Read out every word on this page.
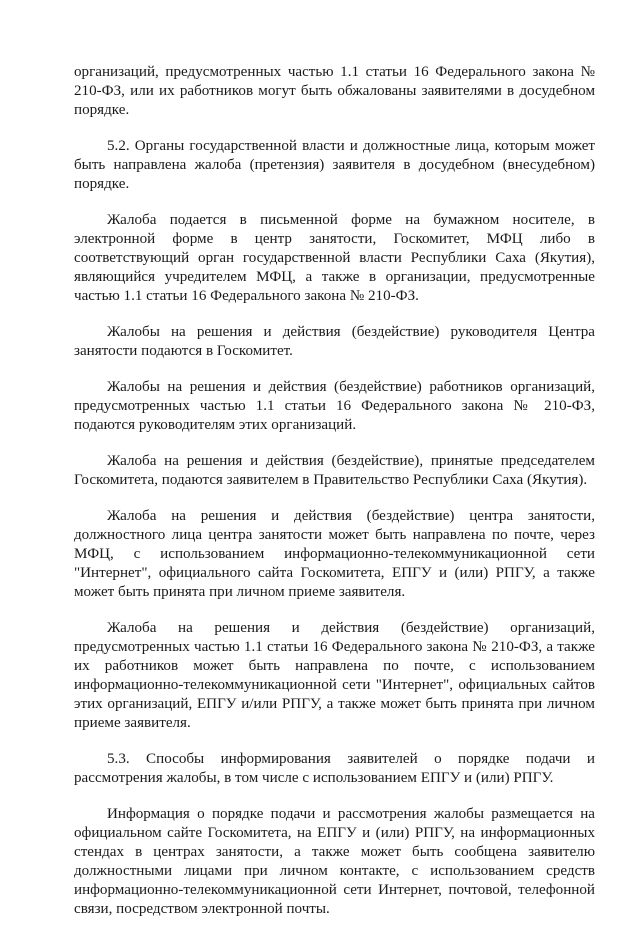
организаций, предусмотренных частью 1.1 статьи 16 Федерального закона № 210-ФЗ, или их работников могут быть обжалованы заявителями в досудебном порядке.

5.2. Органы государственной власти и должностные лица, которым может быть направлена жалоба (претензия) заявителя в досудебном (внесудебном) порядке.

Жалоба подается в письменной форме на бумажном носителе, в электронной форме в центр занятости, Госкомитет, МФЦ либо в соответствующий орган государственной власти Республики Саха (Якутия), являющийся учредителем МФЦ, а также в организации, предусмотренные частью 1.1 статьи 16 Федерального закона № 210-ФЗ.

Жалобы на решения и действия (бездействие) руководителя Центра занятости подаются в Госкомитет.

Жалобы на решения и действия (бездействие) работников организаций, предусмотренных частью 1.1 статьи 16 Федерального закона № 210-ФЗ, подаются руководителям этих организаций.

Жалоба на решения и действия (бездействие), принятые председателем Госкомитета, подаются заявителем в Правительство Республики Саха (Якутия).

Жалоба на решения и действия (бездействие) центра занятости, должностного лица центра занятости может быть направлена по почте, через МФЦ, с использованием информационно-телекоммуникационной сети "Интернет", официального сайта Госкомитета, ЕПГУ и (или) РПГУ, а также может быть принята при личном приеме заявителя.

Жалоба на решения и действия (бездействие) организаций, предусмотренных частью 1.1 статьи 16 Федерального закона № 210-ФЗ, а также их работников может быть направлена по почте, с использованием информационно-телекоммуникационной сети "Интернет", официальных сайтов этих организаций, ЕПГУ и/или РПГУ, а также может быть принята при личном приеме заявителя.

5.3. Способы информирования заявителей о порядке подачи и рассмотрения жалобы, в том числе с использованием ЕПГУ и (или) РПГУ.

Информация о порядке подачи и рассмотрения жалобы размещается на официальном сайте Госкомитета, на ЕПГУ и (или) РПГУ, на информационных стендах в центрах занятости, а также может быть сообщена заявителю должностными лицами при личном контакте, с использованием средств информационно-телекоммуникационной сети Интернет, почтовой, телефонной связи, посредством электронной почты.
